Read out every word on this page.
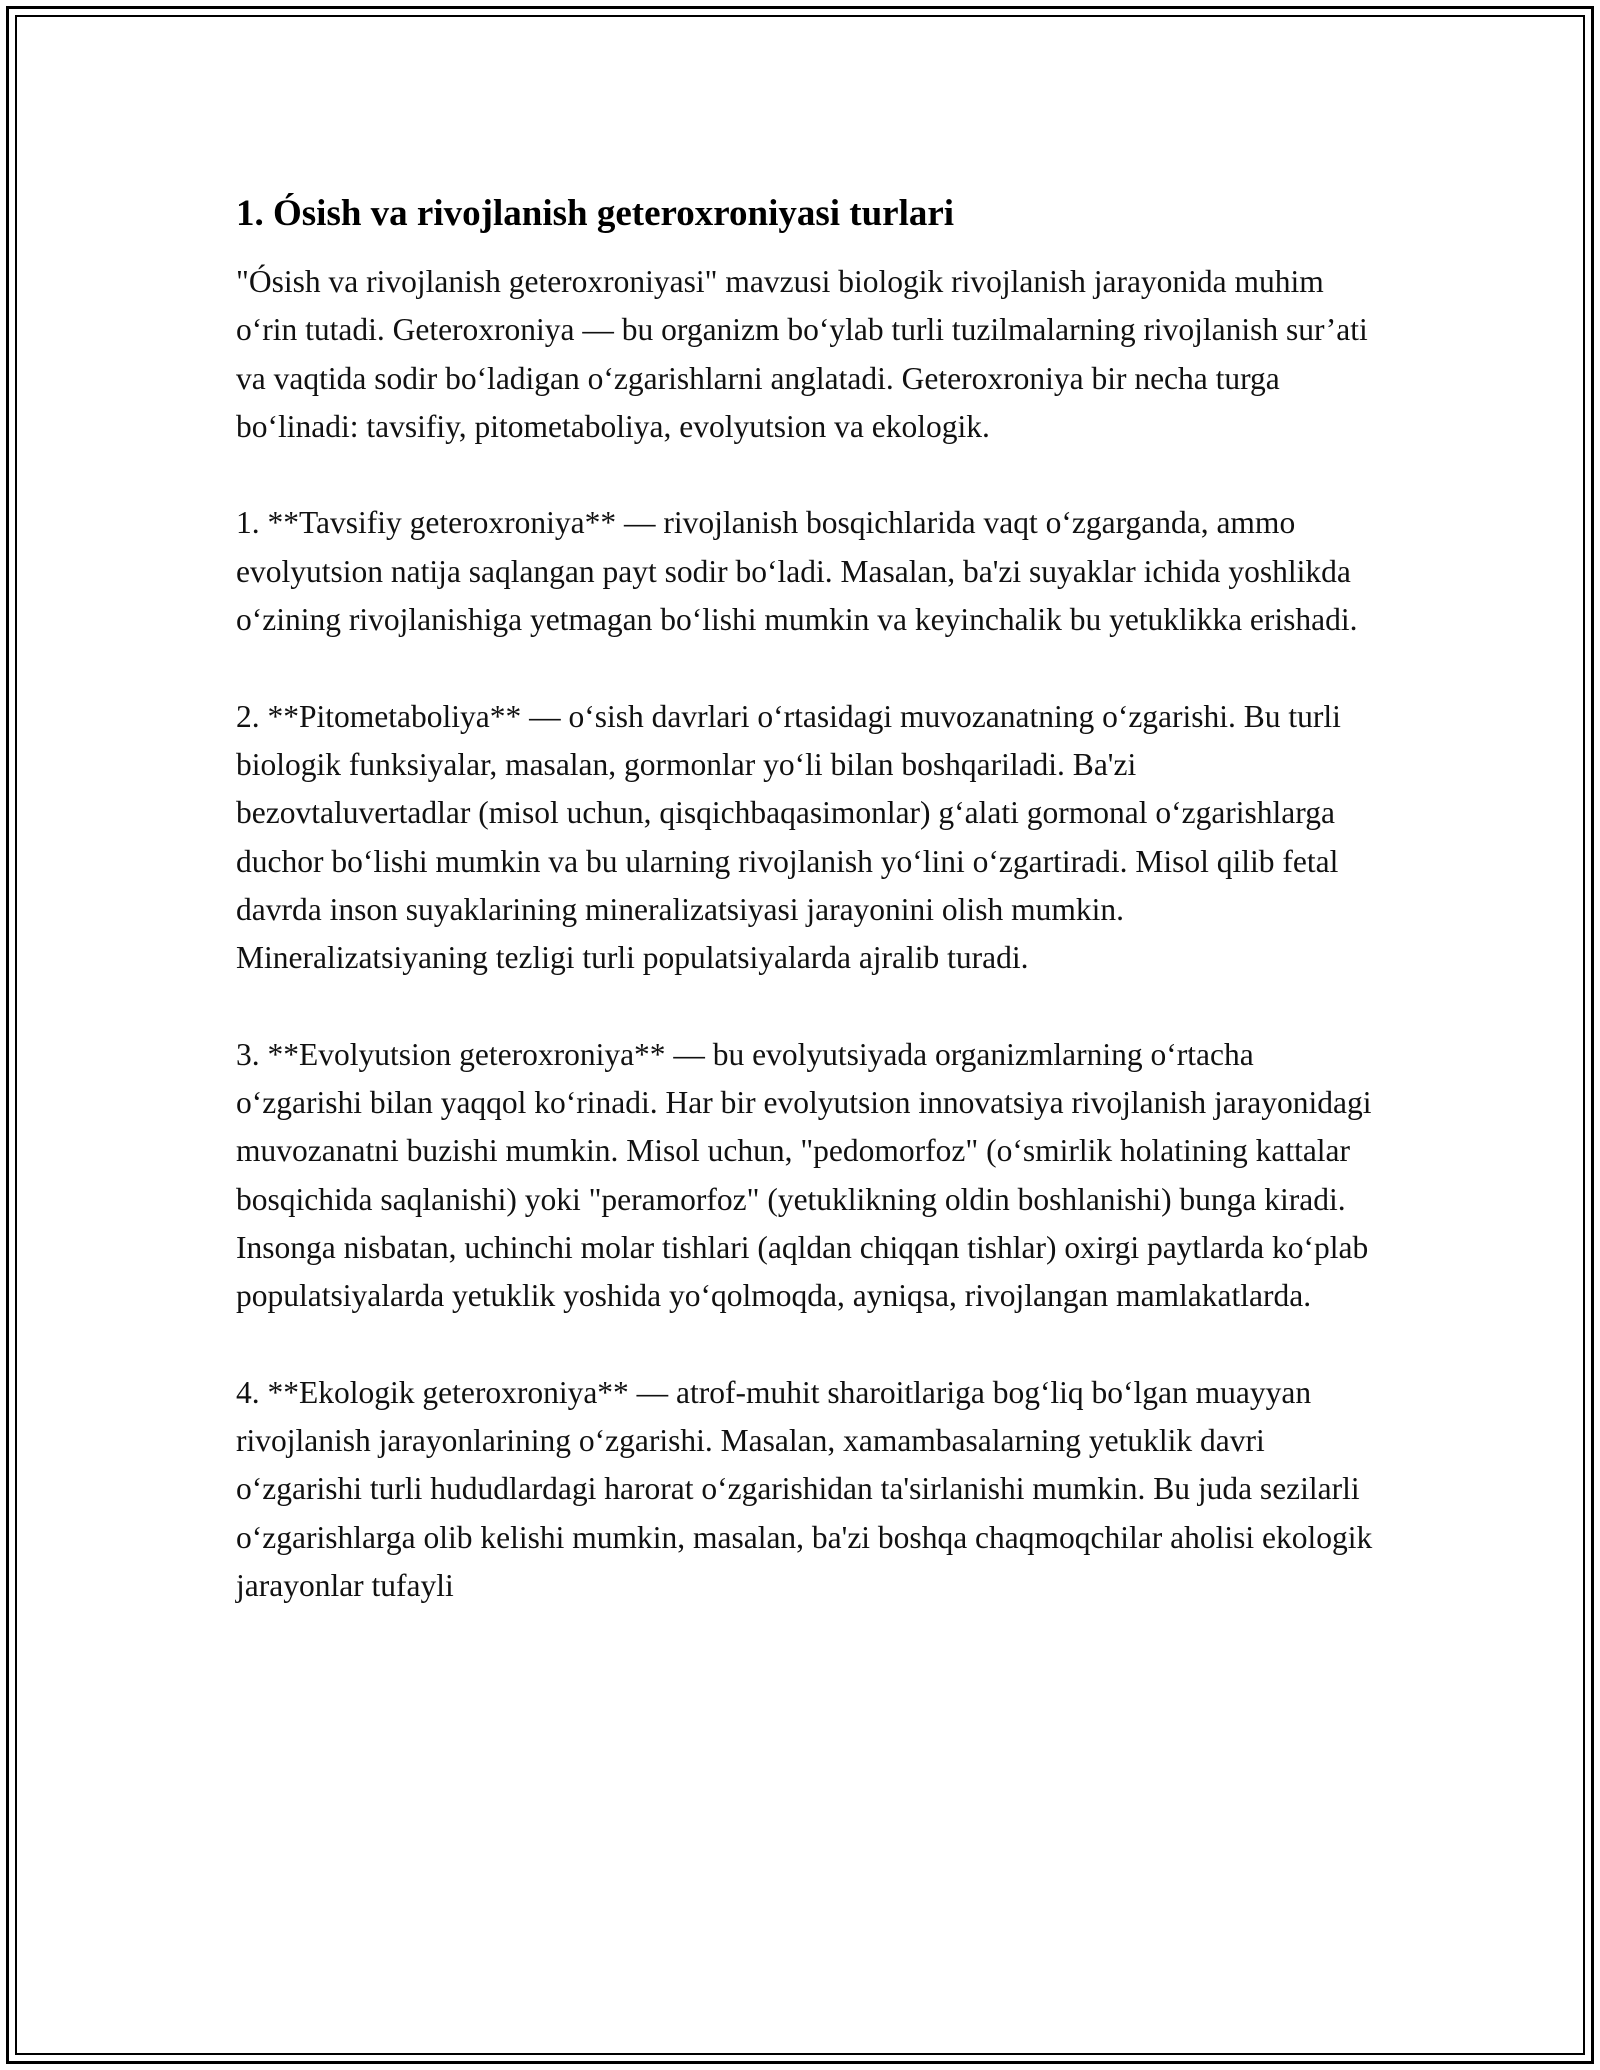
1. Ósish va rivojlanish geteroxroniyasi turlari

"Ósish va rivojlanish geteroxroniyasi" mavzusi biologik rivojlanish jarayonida muhim o‘rin tutadi. Geteroxroniya — bu organizm bo‘ylab turli tuzilmalarning rivojlanish sur’ati va vaqtida sodir bo‘ladigan o‘zgarishlarni anglatadi. Geteroxroniya bir necha turga bo‘linadi: tavsifiy, pitometaboliya, evolyutsion va ekologik.

1. **Tavsifiy geteroxroniya** — rivojlanish bosqichlarida vaqt o‘zgarganda, ammo evolyutsion natija saqlangan payt sodir bo‘ladi. Masalan, ba'zi suyaklar ichida yoshlikda o‘zining rivojlanishiga yetmagan bo‘lishi mumkin va keyinchalik bu yetuklikka erishadi.

2. **Pitometaboliya** — o‘sish davrlari o‘rtasidagi muvozanatning o‘zgarishi. Bu turli biologik funksiyalar, masalan, gormonlar yo‘li bilan boshqariladi. Ba'zi bezovtaluvertadlar (misol uchun, qisqichbaqasimonlar) g‘alati gormonal o‘zgarishlarga duchor bo‘lishi mumkin va bu ularning rivojlanish yo‘lini o‘zgartiradi. Misol qilib fetal davrda inson suyaklarining mineralizatsiyasi jarayonini olish mumkin. Mineralizatsiyaning tezligi turli populatsiyalarda ajralib turadi.

3. **Evolyutsion geteroxroniya** — bu evolyutsiyada organizmlarning o‘rtacha o‘zgarishi bilan yaqqol ko‘rinadi. Har bir evolyutsion innovatsiya rivojlanish jarayonidagi muvozanatni buzishi mumkin. Misol uchun, "pedomorfoz" (o‘smirlik holatining kattalar bosqichida saqlanishi) yoki "peramorfoz" (yetuklikning oldin boshlanishi) bunga kiradi. Insonga nisbatan, uchinchi molar tishlari (aqldan chiqqan tishlar) oxirgi paytlarda ko‘plab populatsiyalarda yetuklik yoshida yo‘qolmoqda, ayniqsa, rivojlangan mamlakatlarda.

4. **Ekologik geteroxroniya** — atrof-muhit sharoitlariga bog‘liq bo‘lgan muayyan rivojlanish jarayonlarining o‘zgarishi. Masalan, xamambasalarning yetuklik davri o‘zgarishi turli hududlardagi harorat o‘zgarishidan ta'sirlanishi mumkin. Bu juda sezilarli o‘zgarishlarga olib kelishi mumkin, masalan, ba'zi boshqa chaqmoqchilar aholisi ekologik jarayonlar tufayli
